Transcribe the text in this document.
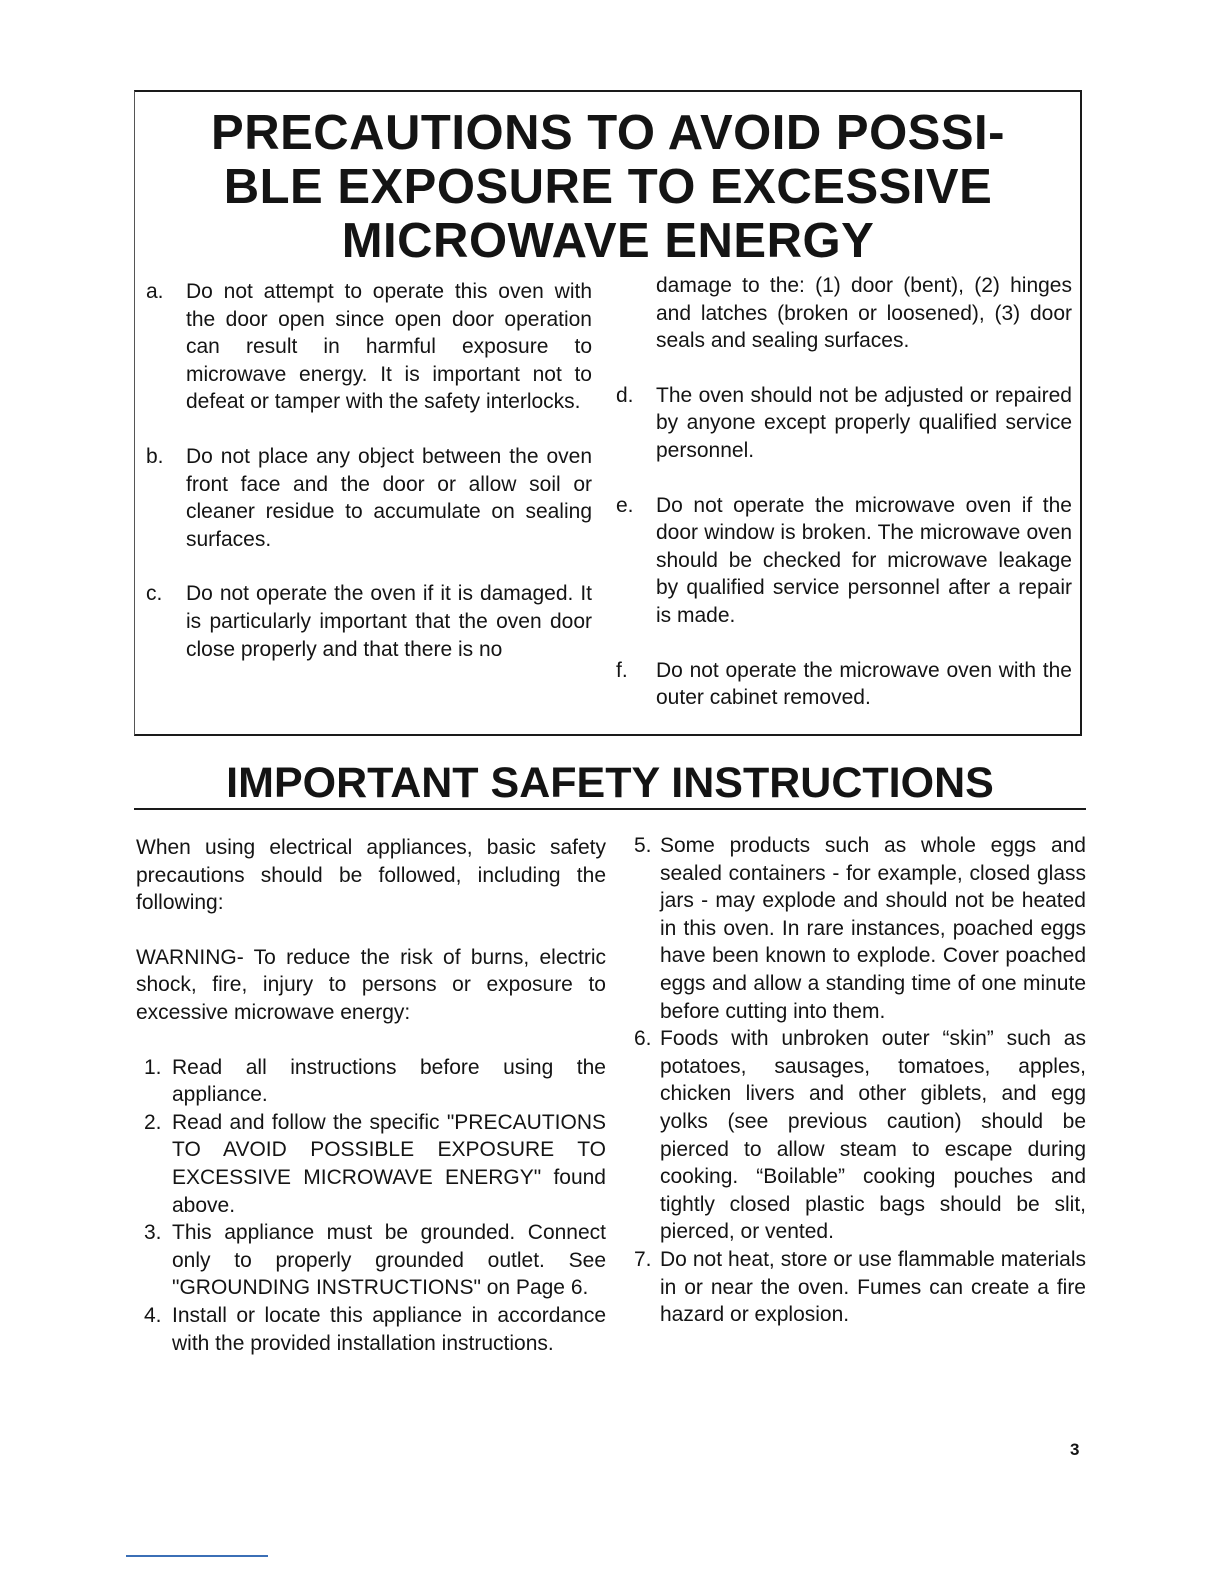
PRECAUTIONS TO AVOID POSSI-
BLE EXPOSURE TO EXCESSIVE
MICROWAVE ENERGY
a.	Do not attempt to operate this oven with the door open since open door operation can result in harmful exposure to microwave energy. It is important not to defeat or tamper with the safety interlocks.
b.	Do not place any object between the oven front face and the door or allow soil or cleaner residue to accumulate on sealing surfaces.
c.	Do not operate the oven if it is damaged. It is particularly important that the oven door close properly and that there is no
damage to the: (1) door (bent), (2) hinges and latches (broken or loosened), (3) door seals and sealing surfaces.
d.	The oven should not be adjusted or repaired by anyone except properly qualified service personnel.
e.	Do not operate the microwave oven if the door window is broken. The microwave oven should be checked for microwave leakage by qualified service personnel after a repair is made.
f.	Do not operate the microwave oven with the outer cabinet removed.
IMPORTANT SAFETY INSTRUCTIONS

When using electrical appliances, basic safety precautions should be followed, including the following:

WARNING- To reduce the risk of burns, electric shock, fire, injury to persons or exposure to excessive microwave energy:

1. Read all instructions before using the appliance.
2. Read and follow the specific "PRECAUTIONS TO AVOID POSSIBLE EXPOSURE TO EXCESSIVE MICROWAVE ENERGY" found above.
3. This appliance must be grounded. Connect only to properly grounded outlet. See "GROUNDING INSTRUCTIONS" on Page 6.
4. Install or locate this appliance in accordance with the provided installation instructions.
5. Some products such as whole eggs and sealed containers - for example, closed glass jars - may explode and should not be heated in this oven. In rare instances, poached eggs have been known to explode. Cover poached eggs and allow a standing time of one minute before cutting into them.
6. Foods with unbroken outer “skin” such as potatoes, sausages, tomatoes, apples, chicken livers and other giblets, and egg yolks (see previous caution) should be pierced to allow steam to escape during cooking. “Boilable” cooking pouches and tightly closed plastic bags should be slit, pierced, or vented.
7. Do not heat, store or use flammable materials in or near the oven. Fumes can create a fire hazard or explosion.
3
